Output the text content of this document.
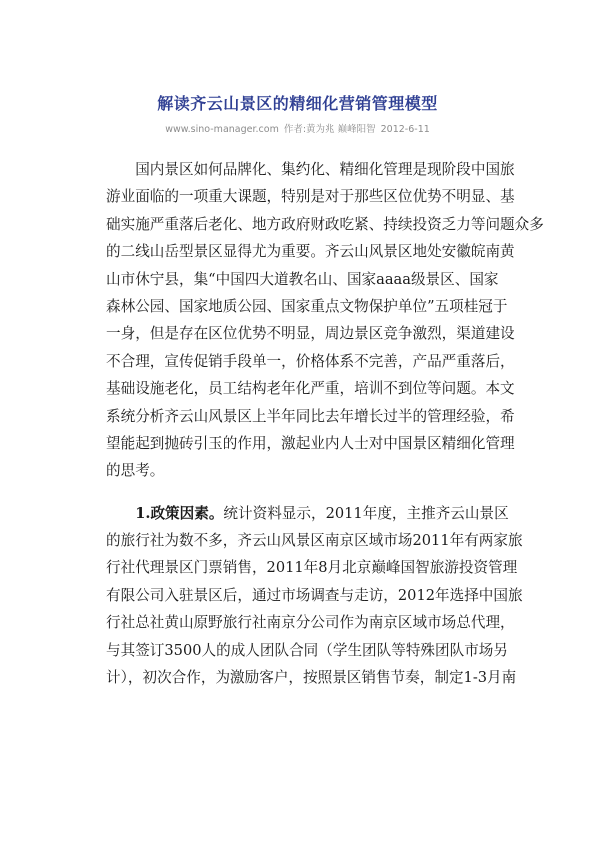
解读齐云山景区的精细化营销管理模型
www.sino-manager.com 作者:黄为兆 巅峰阳智 2012-6-11
　　国内景区如何品牌化、集约化、精细化管理是现阶段中国旅
游业面临的一项重大课题，特别是对于那些区位优势不明显、基
础实施严重落后老化、地方政府财政吃紧、持续投资乏力等问题众多
的二线山岳型景区显得尤为重要。齐云山风景区地处安徽皖南黄
山市休宁县，集“中国四大道教名山、国家aaaa级景区、国家
森林公园、国家地质公园、国家重点文物保护单位”五项桂冠于
一身，但是存在区位优势不明显，周边景区竞争激烈，渠道建设
不合理，宣传促销手段单一，价格体系不完善，产品严重落后，
基础设施老化，员工结构老年化严重，培训不到位等问题。本文
系统分析齐云山风景区上半年同比去年增长过半的管理经验，希
望能起到抛砖引玉的作用，激起业内人士对中国景区精细化管理
的思考。
　　1.政策因素。统计资料显示，2011年度，主推齐云山景区
的旅行社为数不多，齐云山风景区南京区域市场2011年有两家旅
行社代理景区门票销售，2011年8月北京巅峰国智旅游投资管理
有限公司入驻景区后，通过市场调查与走访，2012年选择中国旅
行社总社黄山原野旅行社南京分公司作为南京区域市场总代理，
与其签订3500人的成人团队合同（学生团队等特殊团队市场另
计），初次合作，为激励客户，按照景区销售节奏，制定1-3月南
